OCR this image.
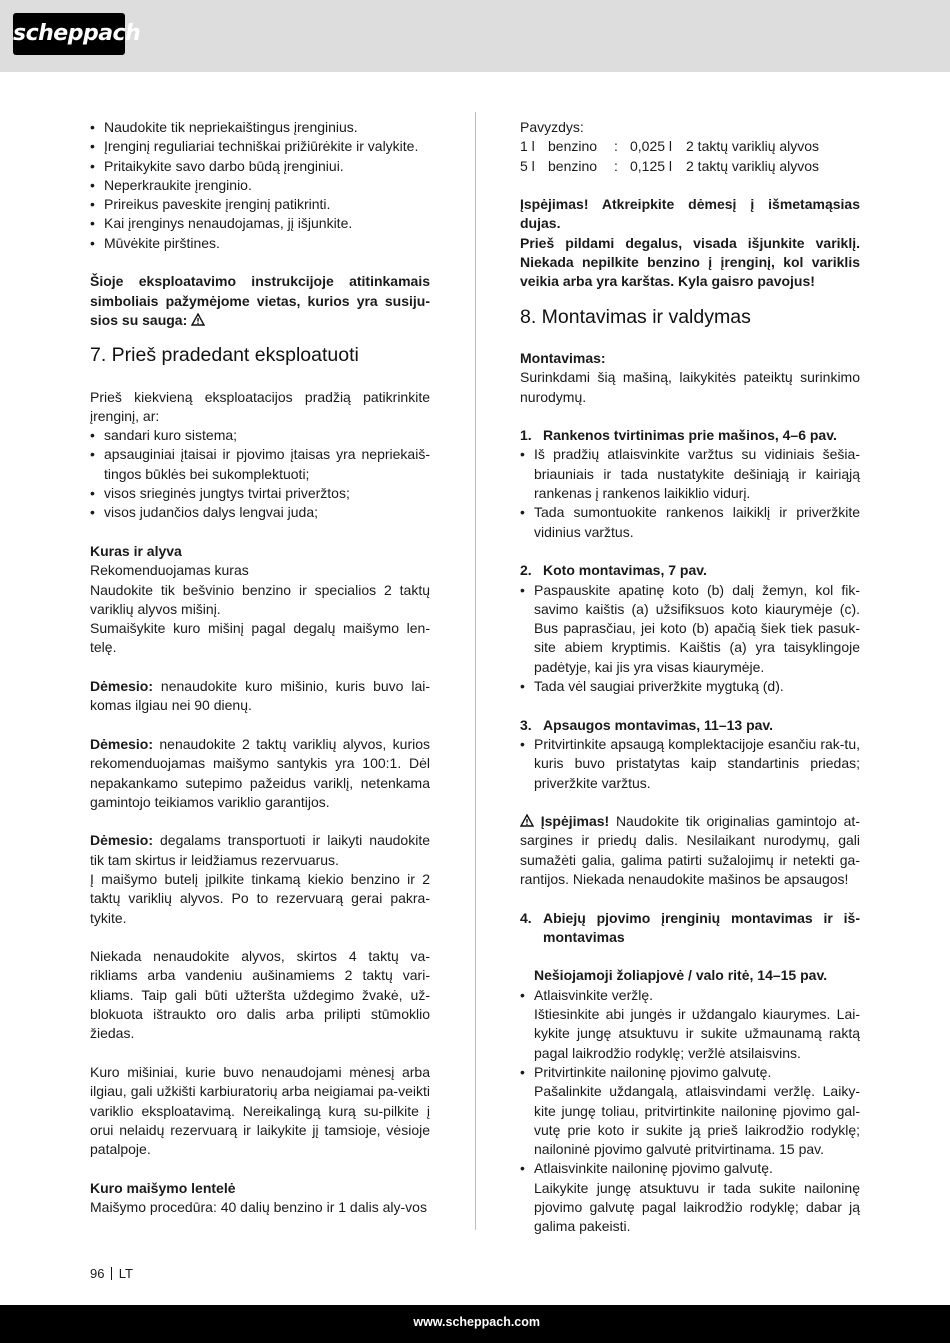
scheppach
• Naudokite tik nepriekaištingus įrenginius.
• Įrenginį reguliariai techniškai prižiūrėkite ir valykite.
• Pritaikykite savo darbo būdą įrenginiui.
• Neperkraukite įrenginio.
• Prireikus paveskite įrenginį patikrinti.
• Kai įrenginys nenaudojamas, jį išjunkite.
• Mūvėkite pirštines.

Šioje eksploatavimo instrukcijoje atitinkamais simboliais pažymėjome vietas, kurios yra susiju-sios su sauga:

7. Prieš pradedant eksploatuoti

Prieš kiekvieną eksploatacijos pradžią patikrinkite įrenginį, ar:

• sandari kuro sistema;
• apsauginiai įtaisai ir pjovimo įtaisas yra nepriekaiš-tingos būklės bei sukomplektuoti;
• visos srieginės jungtys tvirtai priveržtos;
• visos judančios dalys lengvai juda;

Kuras ir alyva

Rekomenduojamas kuras

Naudokite tik bešvinio benzino ir specialios 2 taktų variklių alyvos mišinį.

Sumaišykite kuro mišinį pagal degalų maišymo len-telę.

Dėmesio: nenaudokite kuro mišinio, kuris buvo lai-komas ilgiau nei 90 dienų.

Dėmesio: nenaudokite 2 taktų variklių alyvos, kurios rekomenduojamas maišymo santykis yra 100:1. Dėl nepakankamo sutepimo pažeidus variklį, netenkama gamintojo teikiamos variklio garantijos.

Dėmesio: degalams transportuoti ir laikyti naudokite tik tam skirtus ir leidžiamus rezervuarus.

Į maišymo butelį įpilkite tinkamą kiekio benzino ir 2 taktų variklių alyvos. Po to rezervuarą gerai pakra-tykite.

Niekada nenaudokite alyvos, skirtos 4 taktų va-rikliams arba vandeniu aušinamiems 2 taktų vari-kliams. Taip gali būti užteršta uždegimo žvakė, už-blokuota ištraukto oro dalis arba prilipti stūmoklio žiedas.

Kuro mišiniai, kurie buvo nenaudojami mėnesį arba ilgiau, gali užkišti karbiuratorių arba neigiamai pa-veikti variklio eksploatavimą. Nereikalingą kurą su-pilkite į orui nelaidų rezervuarą ir laikykite jį tamsioje, vėsioje patalpoje.

Kuro maišymo lentelė

Maišymo procedūra: 40 dalių benzino ir 1 dalis aly-vos

Pavyzdys:

1 l benzino	: 0,025 l 2 taktų variklių alyvos
5 l benzino	: 0,125 l 2 taktų variklių alyvos

Įspėjimas! Atkreipkite dėmesį į išmetamąsias dujas.

Prieš pildami degalus, visada išjunkite variklį. Niekada nepilkite benzino į įrenginį, kol variklis veikia arba yra karštas. Kyla gaisro pavojus!

8. Montavimas ir valdymas

Montavimas:

Surinkdami šią mašiną, laikykitės pateiktų surinkimo nurodymų.

1. Rankenos tvirtinimas prie mašinos, 4–6 pav.
• Iš pradžių atlaisvinkite varžtus su vidiniais šešia-briauniais ir tada nustatykite dešiniąją ir kairiąją rankenas į rankenos laikiklio vidurį.
• Tada sumontuokite rankenos laikiklį ir priveržkite vidinius varžtus.
2. Koto montavimas, 7 pav.
• Paspauskite apatinę koto (b) dalį žemyn, kol fik-savimo kaištis (a) užsifiksuos koto kiaurymėje (c). Bus paprasčiau, jei koto (b) apačią šiek tiek pasuk-site abiem kryptimis. Kaištis (a) yra taisyklingoje padėtyje, kai jis yra visas kiaurymėje.
• Tada vėl saugiai priveržkite mygtuką (d).
3. Apsaugos montavimas, 11–13 pav.
• Pritvirtinkite apsaugą komplektacijoje esančiu rak-tu, kuris buvo pristatytas kaip standartinis priedas; priveržkite varžtus.

Įspėjimas! Naudokite tik originalias gamintojo at-sargines ir priedų dalis. Nesilaikant nurodymų, gali sumažėti galia, galima patirti sužalojimų ir netekti ga-rantijos. Niekada nenaudokite mašinos be apsaugos!

4. Abiejų pjovimo įrenginių montavimas ir iš-montavimas

Nešiojamoji žoliapjovė / valo ritė, 14–15 pav.

• Atlaisvinkite veržlę.
Ištiesinkite abi jungės ir uždangalo kiaurymes. Lai-kykite jungę atsuktuvu ir sukite užmaunamą raktą pagal laikrodžio rodyklę; veržlė atsilaisvins.
• Pritvirtinkite nailoninę pjovimo galvutę.
Pašalinkite uždangalą, atlaisvindami veržlę. Laiky-kite jungę toliau, pritvirtinkite nailoninę pjovimo gal-vutę prie koto ir sukite ją prieš laikrodžio rodyklę; nailoninė pjovimo galvutė pritvirtinama. 15 pav.
• Atlaisvinkite nailoninę pjovimo galvutę.
Laikykite jungę atsuktuvu ir tada sukite nailoninę pjovimo galvutę pagal laikrodžio rodyklę; dabar ją galima pakeisti.
96 LT
www.scheppach.com
